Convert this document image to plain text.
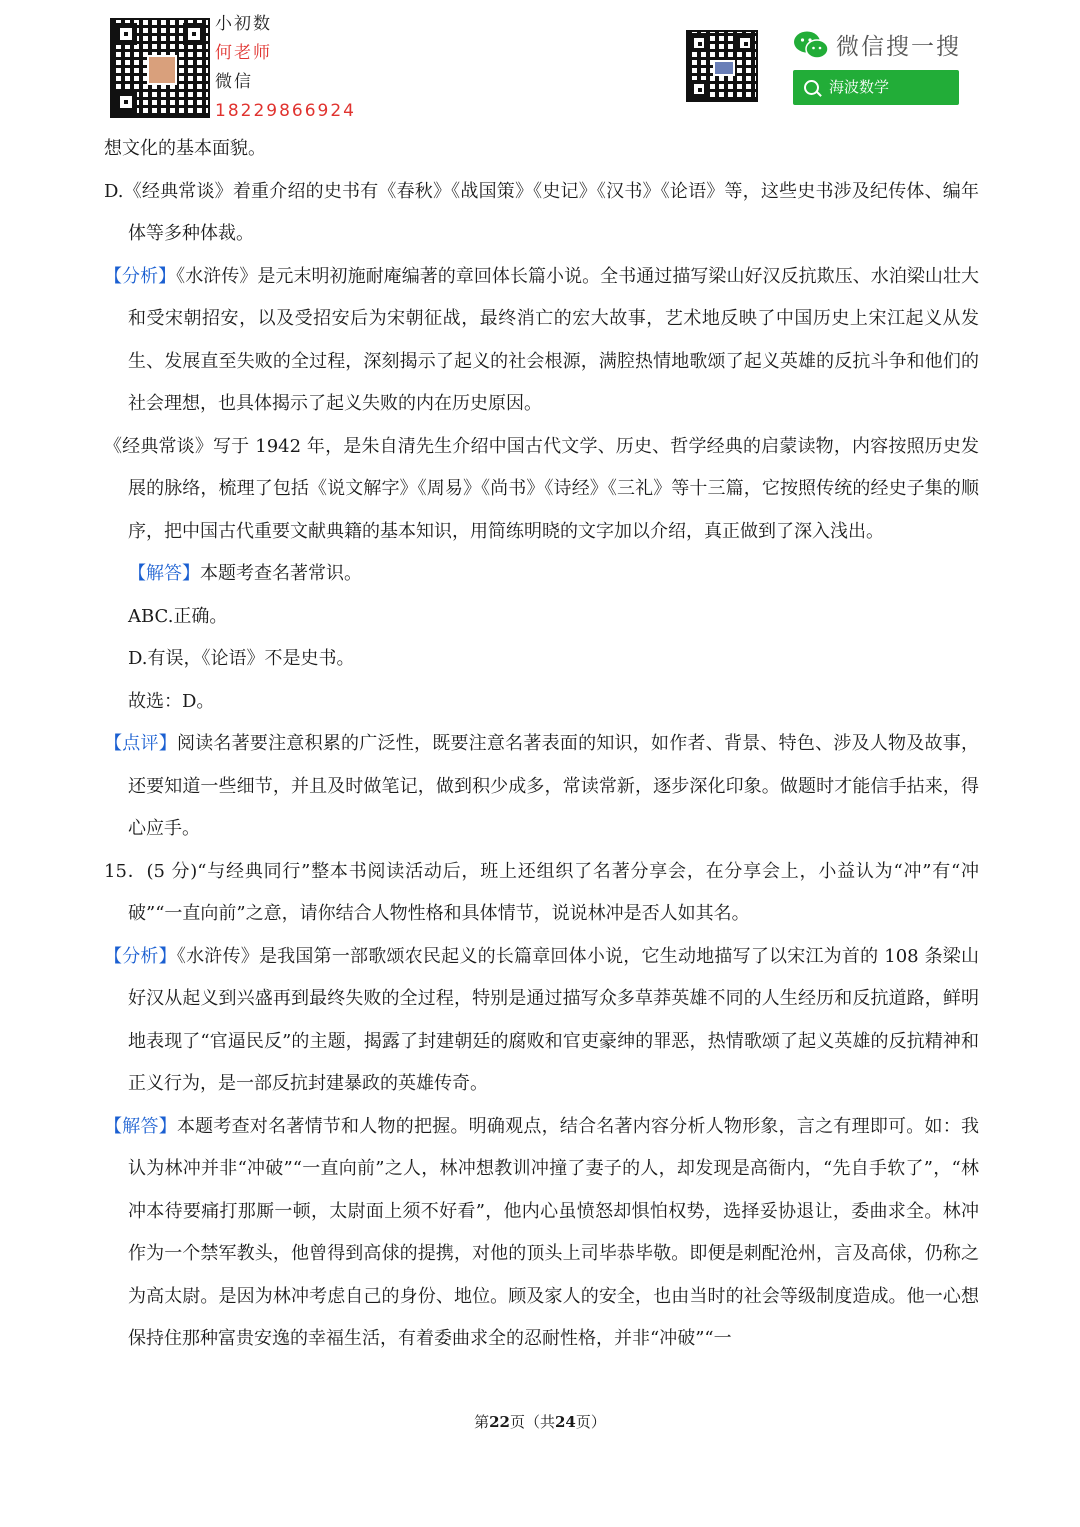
小初数
何老师
微信
18229866924
微信搜一搜
海波数学

想文化的基本面貌。

D.《经典常谈》着重介绍的史书有《春秋》《战国策》《史记》《汉书》《论语》等，这些史书涉及纪传体、编年体等多种体裁。

【分析】《水浒传》是元末明初施耐庵编著的章回体长篇小说。全书通过描写梁山好汉反抗欺压、水泊梁山壮大和受宋朝招安，以及受招安后为宋朝征战，最终消亡的宏大故事，艺术地反映了中国历史上宋江起义从发生、发展直至失败的全过程，深刻揭示了起义的社会根源，满腔热情地歌颂了起义英雄的反抗斗争和他们的社会理想，也具体揭示了起义失败的内在历史原因。

《经典常谈》写于 1942 年，是朱自清先生介绍中国古代文学、历史、哲学经典的启蒙读物，内容按照历史发展的脉络，梳理了包括《说文解字》《周易》《尚书》《诗经》《三礼》等十三篇，它按照传统的经史子集的顺序，把中国古代重要文献典籍的基本知识，用简练明晓的文字加以介绍，真正做到了深入浅出。

【解答】本题考查名著常识。

ABC.正确。

D.有误，《论语》不是史书。

故选：D。

【点评】阅读名著要注意积累的广泛性，既要注意名著表面的知识，如作者、背景、特色、涉及人物及故事，还要知道一些细节，并且及时做笔记，做到积少成多，常读常新，逐步深化印象。做题时才能信手拈来，得心应手。

15．(5 分)“与经典同行”整本书阅读活动后，班上还组织了名著分享会，在分享会上，小益认为“冲”有“冲破”“一直向前”之意，请你结合人物性格和具体情节，说说林冲是否人如其名。

【分析】《水浒传》是我国第一部歌颂农民起义的长篇章回体小说，它生动地描写了以宋江为首的 108 条梁山好汉从起义到兴盛再到最终失败的全过程，特别是通过描写众多草莽英雄不同的人生经历和反抗道路，鲜明地表现了“官逼民反”的主题，揭露了封建朝廷的腐败和官吏豪绅的罪恶，热情歌颂了起义英雄的反抗精神和正义行为，是一部反抗封建暴政的英雄传奇。

【解答】本题考查对名著情节和人物的把握。明确观点，结合名著内容分析人物形象，言之有理即可。如：我认为林冲并非“冲破”“一直向前”之人，林冲想教训冲撞了妻子的人，却发现是高衙内，“先自手软了”，“林冲本待要痛打那厮一顿，太尉面上须不好看”，他内心虽愤怒却惧怕权势，选择妥协退让，委曲求全。林冲作为一个禁军教头，他曾得到高俅的提携，对他的顶头上司毕恭毕敬。即便是刺配沧州，言及高俅，仍称之为高太尉。是因为林冲考虑自己的身份、地位。顾及家人的安全，也由当时的社会等级制度造成。他一心想保持住那种富贵安逸的幸福生活，有着委曲求全的忍耐性格，并非“冲破”“一

第22页（共24页）
